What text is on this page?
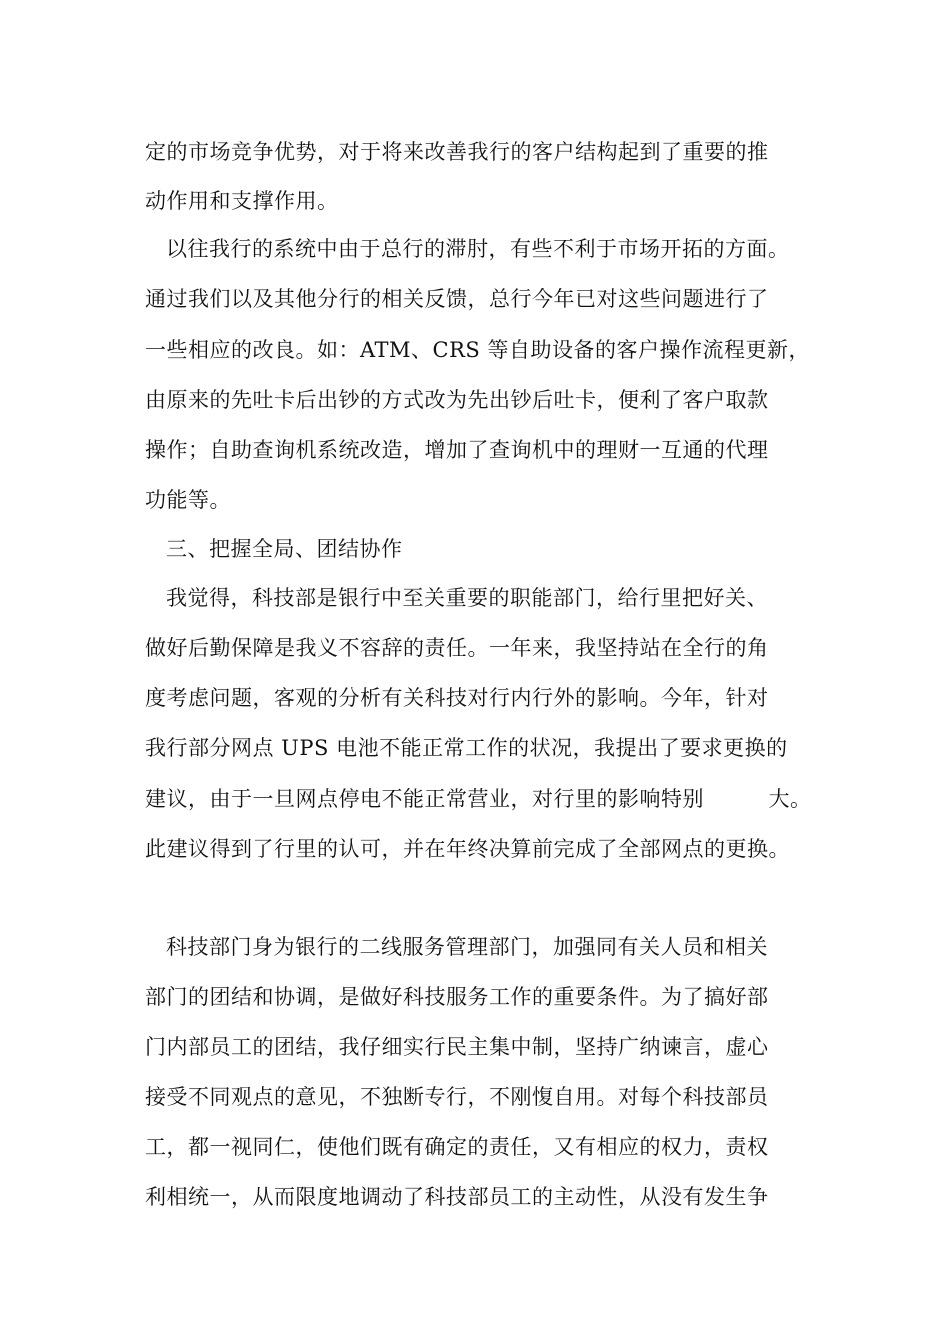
定的市场竞争优势，对于将来改善我行的客户结构起到了重要的推
动作用和支撑作用。
以往我行的系统中由于总行的滞肘，有些不利于市场开拓的方面。
通过我们以及其他分行的相关反馈，总行今年已对这些问题进行了
一些相应的改良。如：ATM、CRS 等自助设备的客户操作流程更新，
由原来的先吐卡后出钞的方式改为先出钞后吐卡，便利了客户取款
操作；自助查询机系统改造，增加了查询机中的理财一互通的代理
功能等。
三、把握全局、团结协作
我觉得，科技部是银行中至关重要的职能部门，给行里把好关、
做好后勤保障是我义不容辞的责任。一年来，我坚持站在全行的角
度考虑问题，客观的分析有关科技对行内行外的影响。今年，针对
我行部分网点 UPS 电池不能正常工作的状况，我提出了要求更换的
建议，由于一旦网点停电不能正常营业，对行里的影响特别　　　大。
此建议得到了行里的认可，并在年终决算前完成了全部网点的更换。
科技部门身为银行的二线服务管理部门，加强同有关人员和相关
部门的团结和协调，是做好科技服务工作的重要条件。为了搞好部
门内部员工的团结，我仔细实行民主集中制，坚持广纳谏言，虚心
接受不同观点的意见，不独断专行，不刚愎自用。对每个科技部员
工，都一视同仁，使他们既有确定的责任，又有相应的权力，责权
利相统一，从而限度地调动了科技部员工的主动性，从没有发生争
